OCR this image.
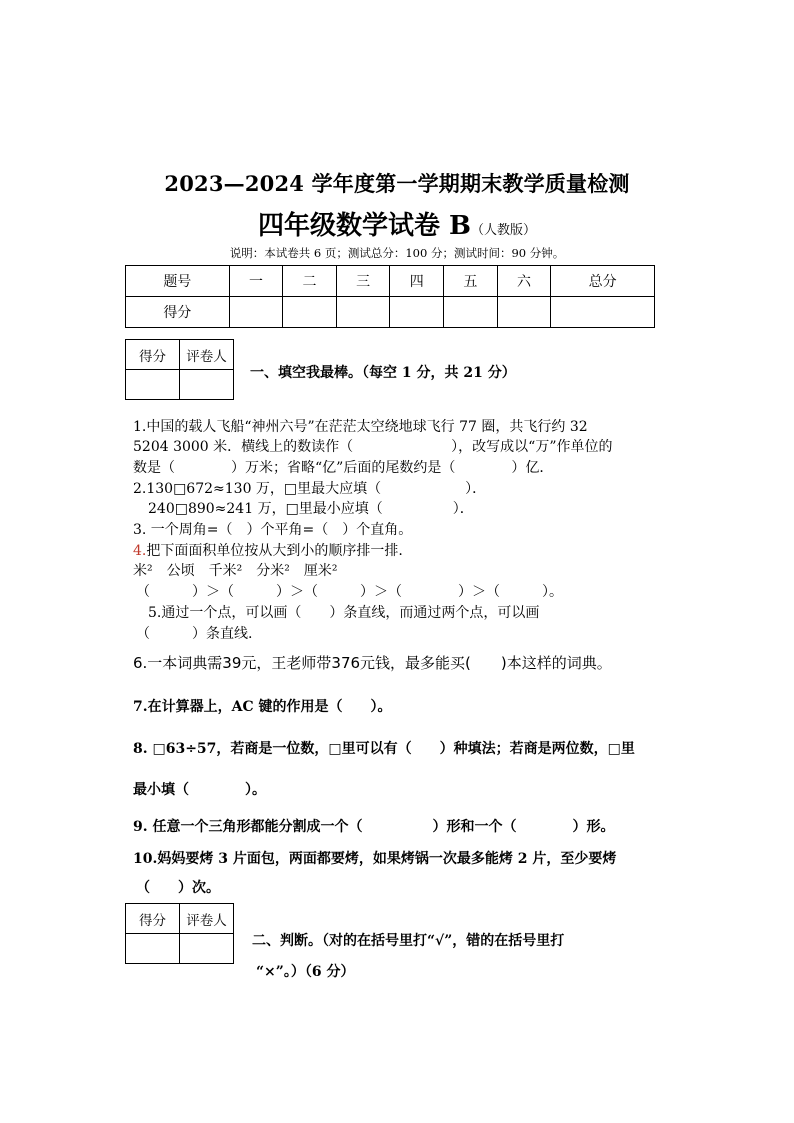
2023—2024 学年度第一学期期末教学质量检测
四年级数学试卷 B（人教版）
说明：本试卷共 6 页；测试总分：100 分；测试时间：90 分钟。
题号	一	二	三	四	五	六	总分
得分							
得分	评卷人

一、填空我最棒。（每空 1 分，共 21 分）
1.中国的载人飞船“神州六号”在茫茫太空绕地球飞行 77 圈，共飞行约 32
5204 3000 米．横线上的数读作（　　　　　　　），改写成以“万”作单位的
数是（　　　　）万米；省略“亿”后面的尾数约是（　　　　）亿．
2.130□672≈130 万，□里最大应填（　　　　　　）．
240□890≈241 万，□里最小应填（　　　　　）．
3. 一个周角=（　）个平角=（　）个直角。
4.把下面面积单位按从大到小的顺序排一排.
米²　公顷　千米²　分米²　厘米²
（　　　）＞（　　　）＞（　　　）＞（　　　　）＞（　　　）。
5.通过一个点，可以画（　　）条直线，而通过两个点，可以画
（　　　）条直线.
6.一本词典需39元，王老师带376元钱，最多能买(　　)本这样的词典。
7.在计算器上，AC 键的作用是（　　）。
8. □63÷57，若商是一位数，□里可以有（　　）种填法；若商是两位数，□里
最小填（　　　　）。
9. 任意一个三角形都能分割成一个（　　　　　）形和一个（　　　　）形。
10.妈妈要烤 3 片面包，两面都要烤，如果烤锅一次最多能烤 2 片，至少要烤
（　　）次。
得分	评卷人

二、判断。（对的在括号里打“√”，错的在括号里打
“×”。）（6 分）
